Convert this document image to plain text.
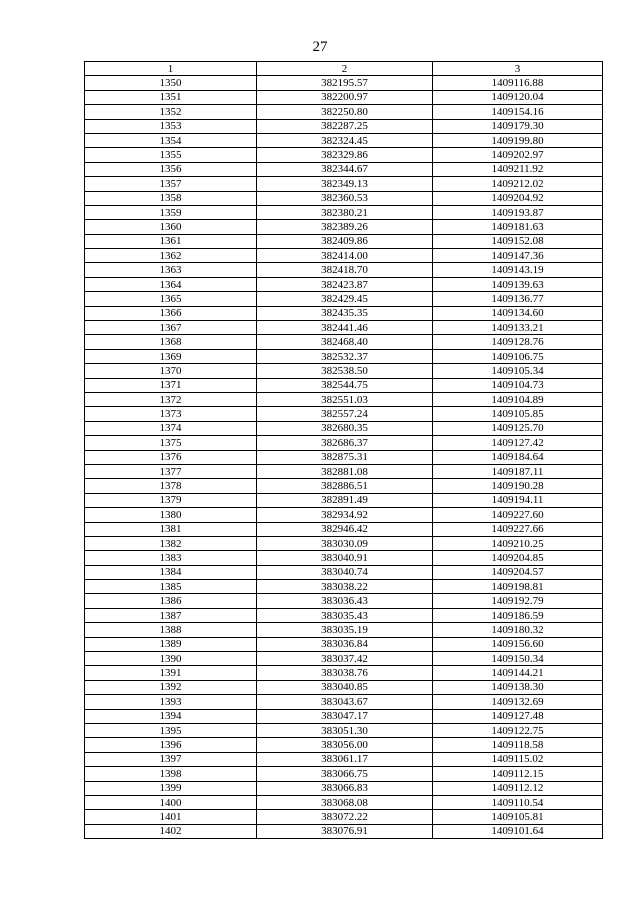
27
1	2	3
1350	382195.57	1409116.88
1351	382200.97	1409120.04
1352	382250.80	1409154.16
1353	382287.25	1409179.30
1354	382324.45	1409199.80
1355	382329.86	1409202.97
1356	382344.67	1409211.92
1357	382349.13	1409212.02
1358	382360.53	1409204.92
1359	382380.21	1409193.87
1360	382389.26	1409181.63
1361	382409.86	1409152.08
1362	382414.00	1409147.36
1363	382418.70	1409143.19
1364	382423.87	1409139.63
1365	382429.45	1409136.77
1366	382435.35	1409134.60
1367	382441.46	1409133.21
1368	382468.40	1409128.76
1369	382532.37	1409106.75
1370	382538.50	1409105.34
1371	382544.75	1409104.73
1372	382551.03	1409104.89
1373	382557.24	1409105.85
1374	382680.35	1409125.70
1375	382686.37	1409127.42
1376	382875.31	1409184.64
1377	382881.08	1409187.11
1378	382886.51	1409190.28
1379	382891.49	1409194.11
1380	382934.92	1409227.60
1381	382946.42	1409227.66
1382	383030.09	1409210.25
1383	383040.91	1409204.85
1384	383040.74	1409204.57
1385	383038.22	1409198.81
1386	383036.43	1409192.79
1387	383035.43	1409186.59
1388	383035.19	1409180.32
1389	383036.84	1409156.60
1390	383037.42	1409150.34
1391	383038.76	1409144.21
1392	383040.85	1409138.30
1393	383043.67	1409132.69
1394	383047.17	1409127.48
1395	383051.30	1409122.75
1396	383056.00	1409118.58
1397	383061.17	1409115.02
1398	383066.75	1409112.15
1399	383066.83	1409112.12
1400	383068.08	1409110.54
1401	383072.22	1409105.81
1402	383076.91	1409101.64
